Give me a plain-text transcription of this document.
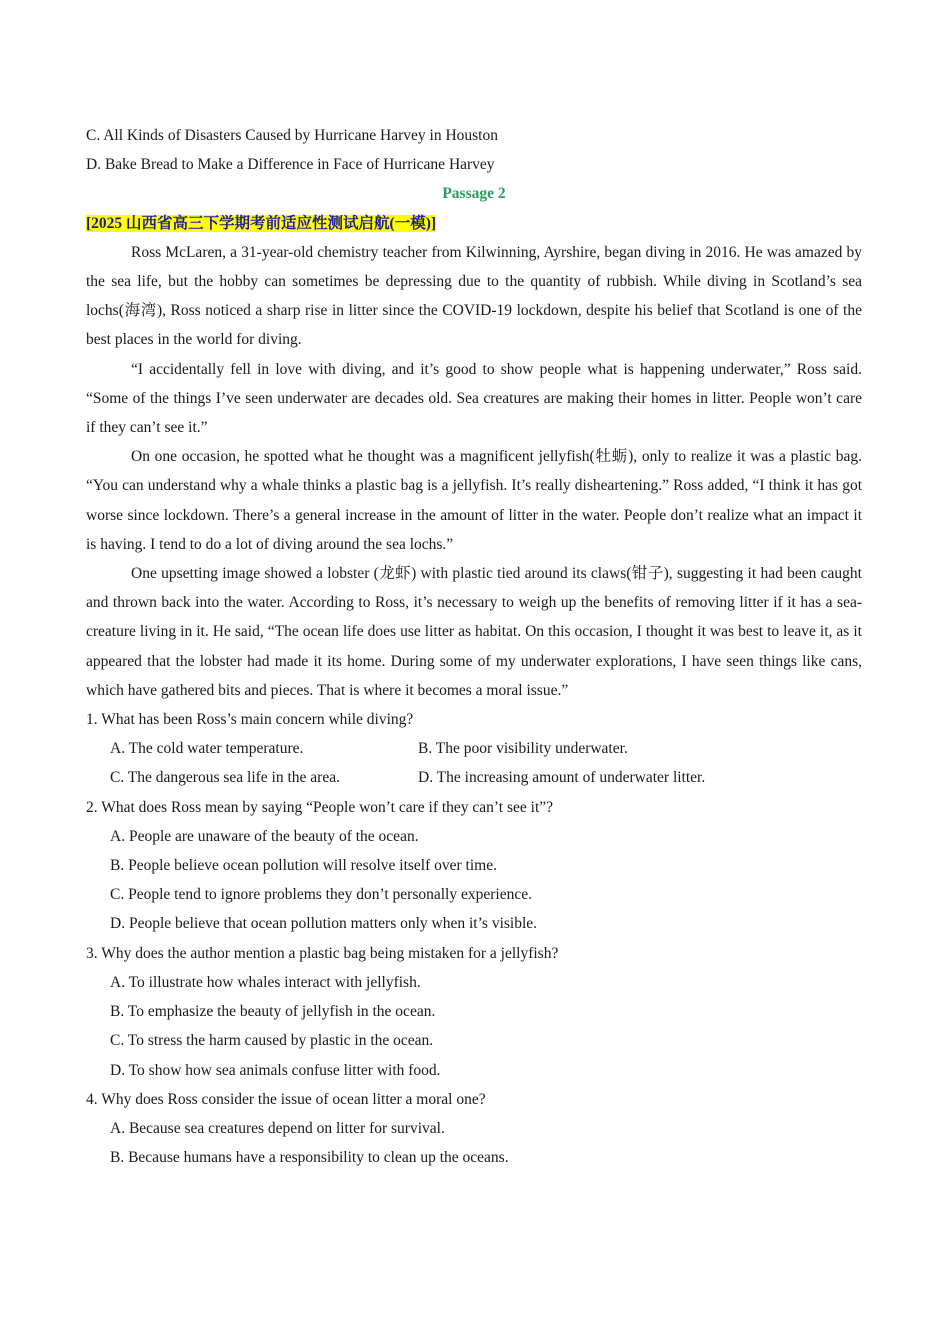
C. All Kinds of Disasters Caused by Hurricane Harvey in Houston

D. Bake Bread to Make a Difference in Face of Hurricane Harvey

Passage 2

[2025 山西省高三下学期考前适应性测试启航(一模)]

Ross McLaren, a 31-year-old chemistry teacher from Kilwinning, Ayrshire, began diving in 2016. He was amazed by the sea life, but the hobby can sometimes be depressing due to the quantity of rubbish. While diving in Scotland’s sea lochs(海湾), Ross noticed a sharp rise in litter since the COVID-19 lockdown, despite his belief that Scotland is one of the best places in the world for diving.

“I accidentally fell in love with diving, and it’s good to show people what is happening underwater,” Ross said. “Some of the things I’ve seen underwater are decades old. Sea creatures are making their homes in litter. People won’t care if they can’t see it.”

On one occasion, he spotted what he thought was a magnificent jellyfish(牡蛎), only to realize it was a plastic bag. “You can understand why a whale thinks a plastic bag is a jellyfish. It’s really disheartening.” Ross added, “I think it has got worse since lockdown. There’s a general increase in the amount of litter in the water. People don’t realize what an impact it is having. I tend to do a lot of diving around the sea lochs.”

One upsetting image showed a lobster (龙虾) with plastic tied around its claws(钳子), suggesting it had been caught and thrown back into the water. According to Ross, it’s necessary to weigh up the benefits of removing litter if it has a sea-creature living in it. He said, “The ocean life does use litter as habitat. On this occasion, I thought it was best to leave it, as it appeared that the lobster had made it its home. During some of my underwater explorations, I have seen things like cans, which have gathered bits and pieces. That is where it becomes a moral issue.”

1. What has been Ross’s main concern while diving?

A. The cold water temperature.	B. The poor visibility underwater.
C. The dangerous sea life in the area.	D. The increasing amount of underwater litter.

2. What does Ross mean by saying “People won’t care if they can’t see it”?

A. People are unaware of the beauty of the ocean.

B. People believe ocean pollution will resolve itself over time.

C. People tend to ignore problems they don’t personally experience.

D. People believe that ocean pollution matters only when it’s visible.

3. Why does the author mention a plastic bag being mistaken for a jellyfish?

A. To illustrate how whales interact with jellyfish.

B. To emphasize the beauty of jellyfish in the ocean.

C. To stress the harm caused by plastic in the ocean.

D. To show how sea animals confuse litter with food.

4. Why does Ross consider the issue of ocean litter a moral one?

A. Because sea creatures depend on litter for survival.

B. Because humans have a responsibility to clean up the oceans.
